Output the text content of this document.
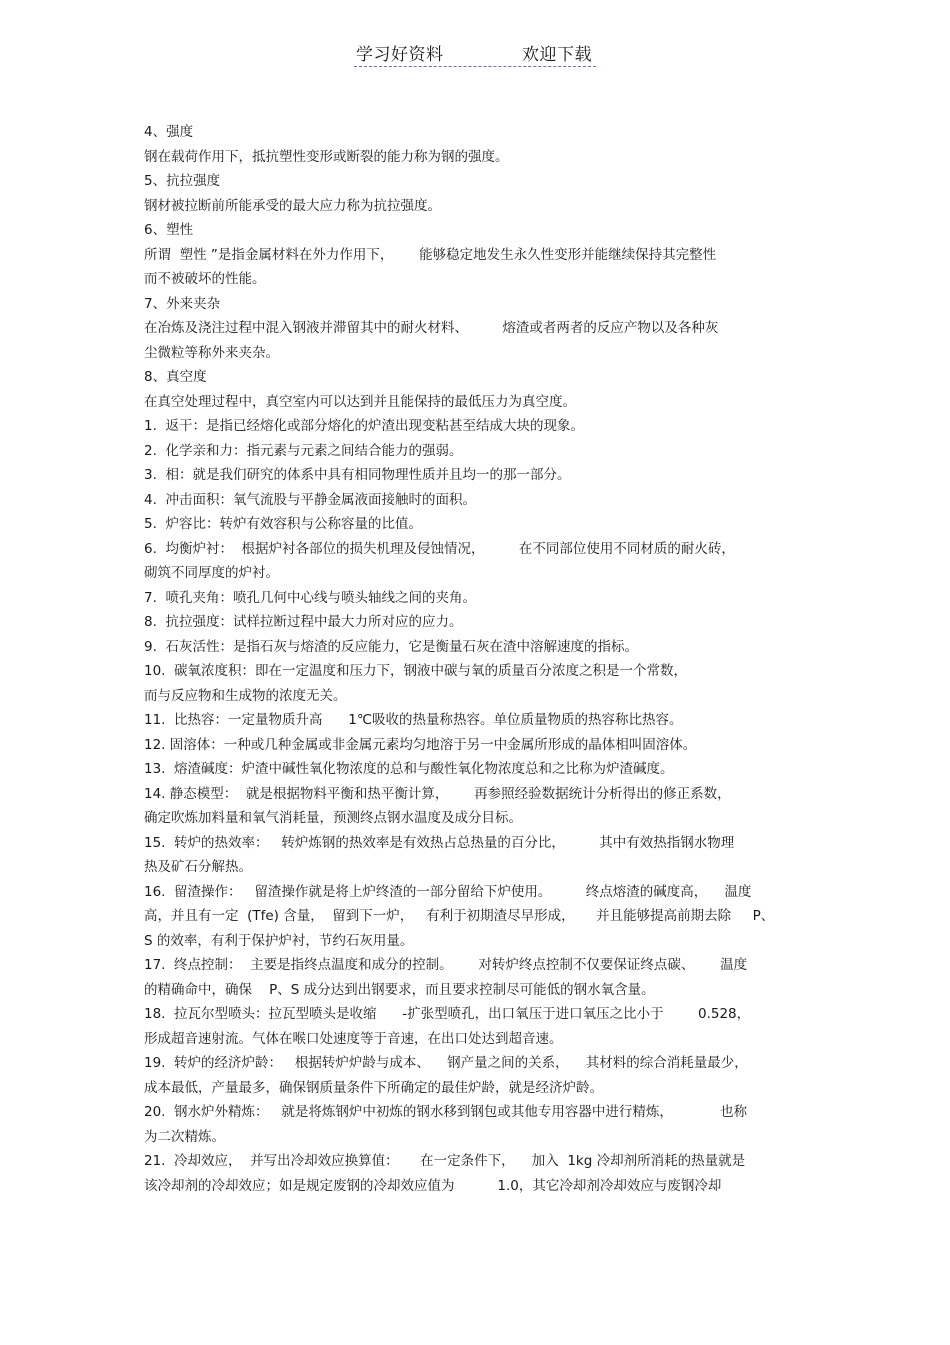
学习好资料	欢迎下载
4、强度
钢在载荷作用下，抵抗塑性变形或断裂的能力称为钢的强度。
5、抗拉强度
钢材被拉断前所能承受的最大应力称为抗拉强度。
6、塑性
所谓  塑性 ”是指金属材料在外力作用下，      能够稳定地发生永久性变形并能继续保持其完整性
而不被破坏的性能。
7、外来夹杂
在冶炼及浇注过程中混入钢液并滞留其中的耐火材料、        熔渣或者两者的反应产物以及各种灰
尘微粒等称外来夹杂。
8、真空度
在真空处理过程中，真空室内可以达到并且能保持的最低压力为真空度。
1.  返干：是指已经熔化或部分熔化的炉渣出现变粘甚至结成大块的现象。
2.  化学亲和力：指元素与元素之间结合能力的强弱。
3.  相：就是我们研究的体系中具有相同物理性质并且均一的那一部分。
4.  冲击面积：氧气流股与平静金属液面接触时的面积。
5.  炉容比：转炉有效容积与公称容量的比值。
6.  均衡炉衬：  根据炉衬各部位的损失机理及侵蚀情况，        在不同部位使用不同材质的耐火砖，
砌筑不同厚度的炉衬。
7.  喷孔夹角：喷孔几何中心线与喷头轴线之间的夹角。
8.  抗拉强度：试样拉断过程中最大力所对应的应力。
9.  石灰活性：是指石灰与熔渣的反应能力，它是衡量石灰在渣中溶解速度的指标。
10.  碳氧浓度积：即在一定温度和压力下，钢液中碳与氧的质量百分浓度之积是一个常数，
而与反应物和生成物的浓度无关。
11.  比热容：一定量物质升高      1℃吸收的热量称热容。单位质量物质的热容称比热容。
12. 固溶体：一种或几种金属或非金属元素均匀地溶于另一中金属所形成的晶体相叫固溶体。
13.  熔渣碱度：炉渣中碱性氧化物浓度的总和与酸性氧化物浓度总和之比称为炉渣碱度。
14. 静态模型：  就是根据物料平衡和热平衡计算，      再参照经验数据统计分析得出的修正系数，
确定吹炼加料量和氧气消耗量，预测终点钢水温度及成分目标。
15.  转炉的热效率：   转炉炼钢的热效率是有效热占总热量的百分比，        其中有效热指钢水物理
热及矿石分解热。
16.  留渣操作：   留渣操作就是将上炉终渣的一部分留给下炉使用。        终点熔渣的碱度高，    温度
高，并且有一定  (Tfe) 含量，  留到下一炉，   有利于初期渣尽早形成，     并且能够提高前期去除     P、
S 的效率，有利于保护炉衬，节约石灰用量。
17.  终点控制：  主要是指终点温度和成分的控制。      对转炉终点控制不仅要保证终点碳、      温度
的精确命中，确保    P、S 成分达到出钢要求，而且要求控制尽可能低的钢水氧含量。
18.  拉瓦尔型喷头：拉瓦型喷头是收缩      -扩张型喷孔，出口氧压于进口氧压之比小于        0.528，
形成超音速射流。气体在喉口处速度等于音速，在出口处达到超音速。
19.  转炉的经济炉龄：   根据转炉炉龄与成本、    钢产量之间的关系，    其材料的综合消耗量最少，
成本最低，产量最多，确保钢质量条件下所确定的最佳炉龄，就是经济炉龄。
20.  钢水炉外精炼：   就是将炼钢炉中初炼的钢水移到钢包或其他专用容器中进行精炼，           也称
为二次精炼。
21.  冷却效应，  并写出冷却效应换算值：     在一定条件下，    加入  1kg 冷却剂所消耗的热量就是
该冷却剂的冷却效应；如是规定废钢的冷却效应值为          1.0，其它冷却剂冷却效应与废钢冷却
